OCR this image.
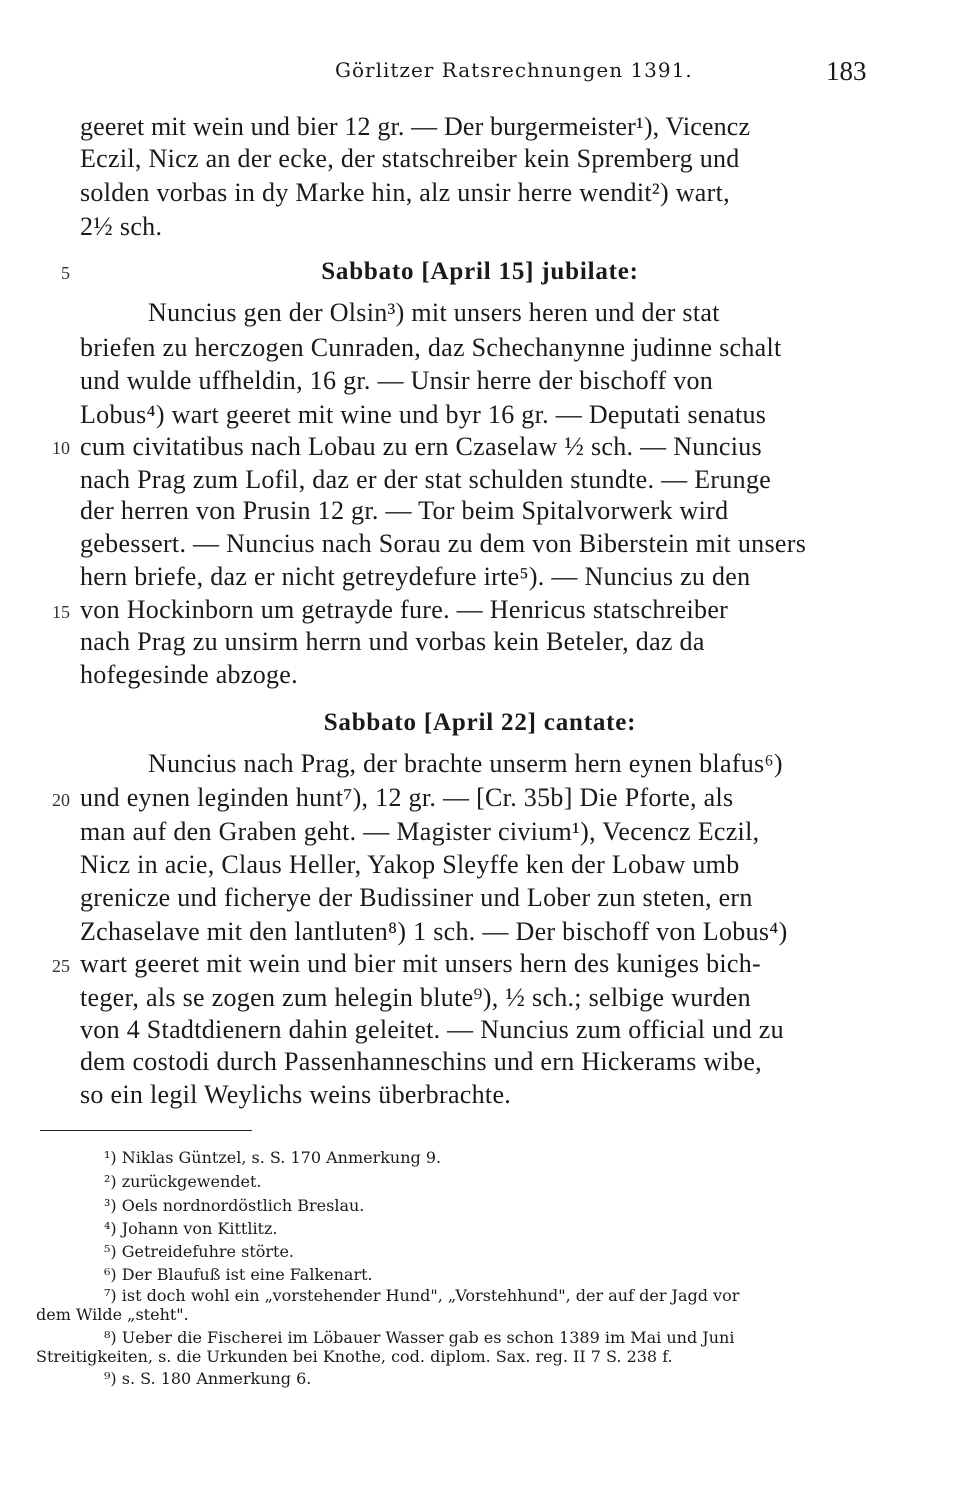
Görlitzer Ratsrechnungen 1391.	183
geeret mit wein und bier 12 gr. — Der burgermeister¹), Vicencz
Eczil, Nicz an der ecke, der statschreiber kein Spremberg und
solden vorbas in dy Marke hin, alz unsir herre wendit²) wart,
2½ sch.
Sabbato [April 15] jubilate:
5
Nuncius gen der Olsin³) mit unsers heren und der stat
briefen zu herczogen Cunraden, daz Schechanynne judinne schalt
und wulde uffheldin, 16 gr. — Unsir herre der bischoff von
Lobus⁴) wart geeret mit wine und byr 16 gr. — Deputati senatus
cum civitatibus nach Lobau zu ern Czaselaw ½ sch. — Nuncius
10
nach Prag zum Lofil, daz er der stat schulden stundte. — Erunge
der herren von Prusin 12 gr. — Tor beim Spitalvorwerk wird
gebessert. — Nuncius nach Sorau zu dem von Biberstein mit unsers
hern briefe, daz er nicht getreydefure irte⁵). — Nuncius zu den
von Hockinborn um getrayde fure. — Henricus statschreiber
15
nach Prag zu unsirm herrn und vorbas kein Beteler, daz da
hofegesinde abzoge.
Sabbato [April 22] cantate:
Nuncius nach Prag, der brachte unserm hern eynen blafus⁶)
und eynen leginden hunt⁷), 12 gr. — [Cr. 35b] Die Pforte, als
20
man auf den Graben geht. — Magister civium¹), Vecencz Eczil,
Nicz in acie, Claus Heller, Yakop Sleyffe ken der Lobaw umb
grenicze und ficherye der Budissiner und Lober zun steten, ern
Zchaselave mit den lantluten⁸) 1 sch. — Der bischoff von Lobus⁴)
wart geeret mit wein und bier mit unsers hern des kuniges bich-
25
teger, als se zogen zum helegin blute⁹), ½ sch.; selbige wurden
von 4 Stadtdienern dahin geleitet. — Nuncius zum official und zu
dem costodi durch Passenhanneschins und ern Hickerams wibe,
so ein legil Weylichs weins überbrachte.
¹) Niklas Güntzel, s. S. 170 Anmerkung 9.
²) zurückgewendet.
³) Oels nordnordöstlich Breslau.
⁴) Johann von Kittlitz.
⁵) Getreidefuhre störte.
⁶) Der Blaufuß ist eine Falkenart.
⁷) ist doch wohl ein „vorstehender Hund", „Vorstehhund", der auf der Jagd vor
dem Wilde „steht".
⁸) Ueber die Fischerei im Löbauer Wasser gab es schon 1389 im Mai und Juni
Streitigkeiten, s. die Urkunden bei Knothe, cod. diplom. Sax. reg. II 7 S. 238 f.
⁹) s. S. 180 Anmerkung 6.
